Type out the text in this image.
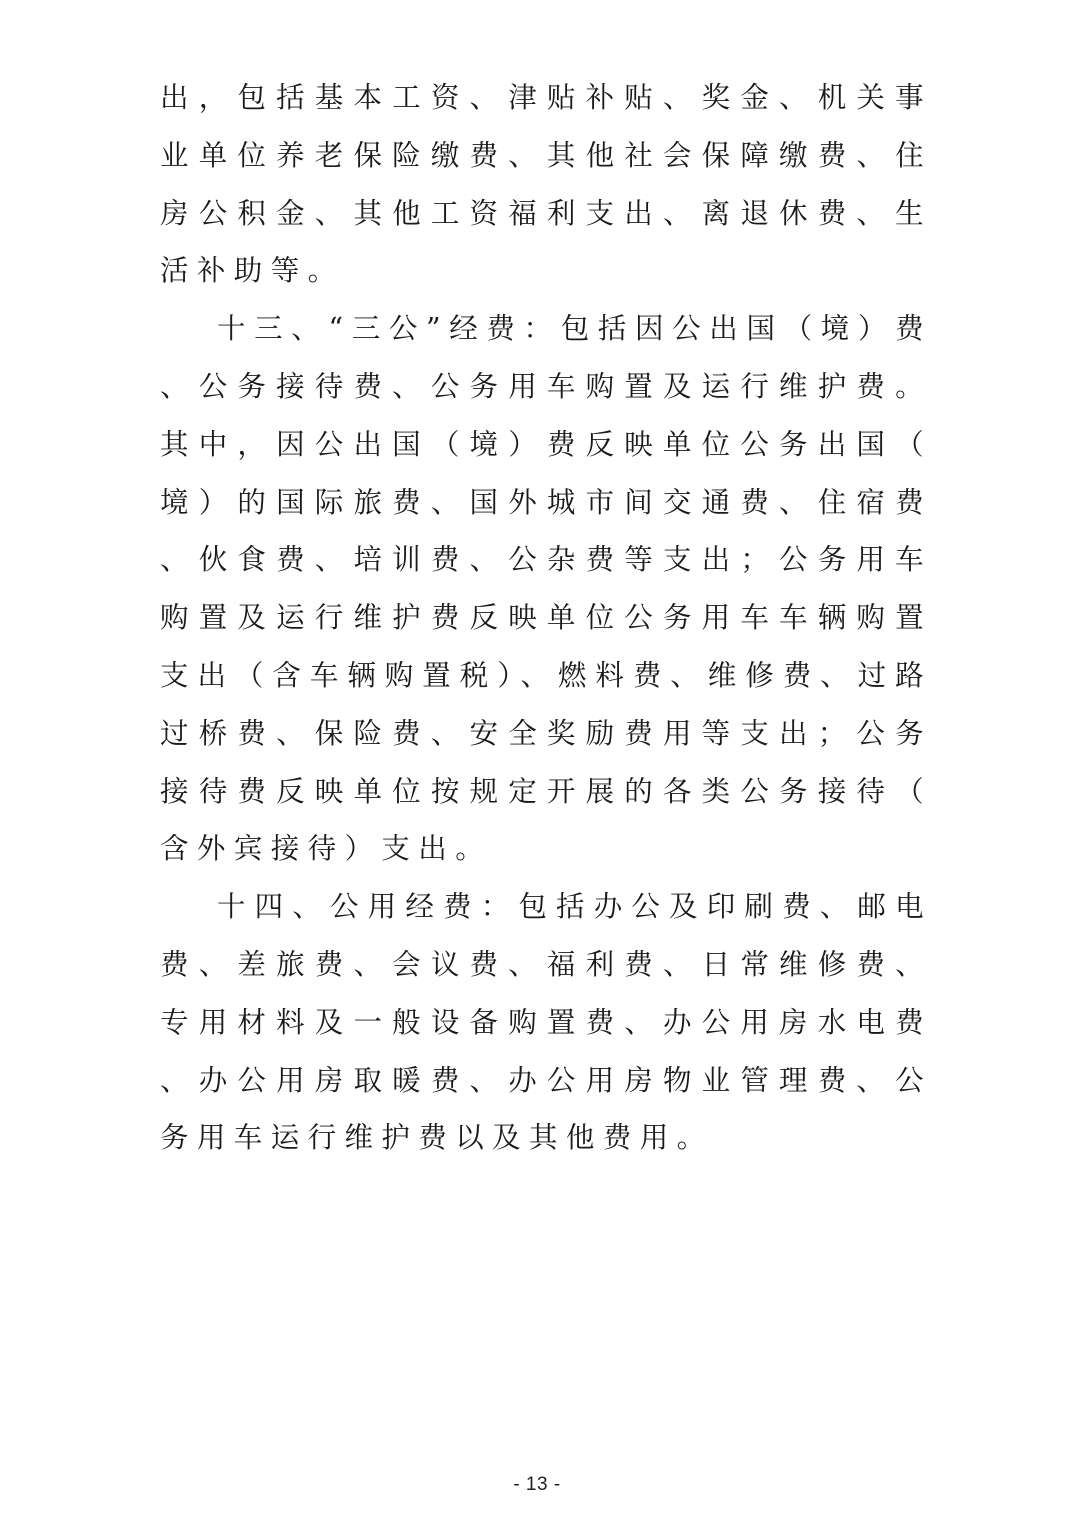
出，包括基本工资、津贴补贴、奖金、机关事业单位养老保险缴费、其他社会保障缴费、住房公积金、其他工资福利支出、离退休费、生活补助等。

十三、“三公”经费：包括因公出国（境）费、公务接待费、公务用车购置及运行维护费。其中，因公出国（境）费反映单位公务出国（境）的国际旅费、国外城市间交通费、住宿费、伙食费、培训费、公杂费等支出；公务用车购置及运行维护费反映单位公务用车车辆购置支出（含车辆购置税）、燃料费、维修费、过路过桥费、保险费、安全奖励费用等支出；公务接待费反映单位按规定开展的各类公务接待（含外宾接待）支出。

十四、公用经费：包括办公及印刷费、邮电费、差旅费、会议费、福利费、日常维修费、专用材料及一般设备购置费、办公用房水电费、办公用房取暖费、办公用房物业管理费、公务用车运行维护费以及其他费用。

- 13 -
